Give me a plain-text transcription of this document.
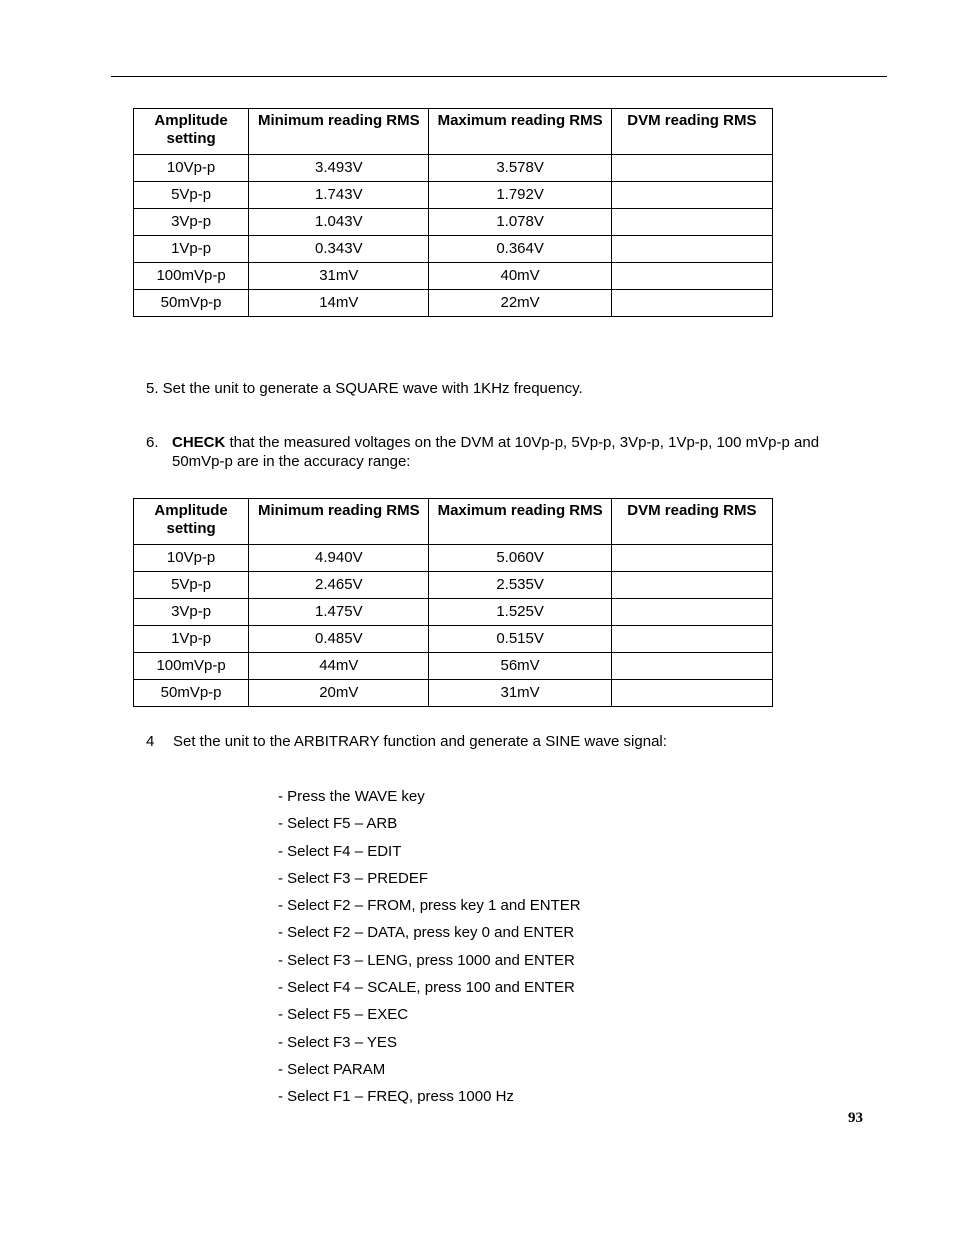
Amplitude setting	Minimum reading RMS	Maximum reading RMS	DVM reading RMS
10Vp-p	3.493V	3.578V	
5Vp-p	1.743V	1.792V	
3Vp-p	1.043V	1.078V	
1Vp-p	0.343V	0.364V	
100mVp-p	31mV	40mV	
50mVp-p	14mV	22mV	
5. Set the unit to generate a SQUARE wave with 1KHz frequency.
6. CHECK that the measured voltages on the DVM at 10Vp-p, 5Vp-p, 3Vp-p, 1Vp-p, 100 mVp-p and 50mVp-p are in the accuracy range:
Amplitude setting	Minimum reading RMS	Maximum reading RMS	DVM reading RMS
10Vp-p	4.940V	5.060V	
5Vp-p	2.465V	2.535V	
3Vp-p	1.475V	1.525V	
1Vp-p	0.485V	0.515V	
100mVp-p	44mV	56mV	
50mVp-p	20mV	31mV	
4 Set the unit to the ARBITRARY function and generate a SINE wave signal:
- Press the WAVE key
- Select F5 – ARB
- Select F4 – EDIT
- Select F3 – PREDEF
- Select F2 – FROM, press key 1 and ENTER
- Select F2 – DATA, press key 0 and ENTER
- Select F3 – LENG, press 1000 and ENTER
- Select F4 – SCALE, press 100 and ENTER
- Select F5 – EXEC
- Select F3 – YES
- Select PARAM
- Select F1 – FREQ, press 1000 Hz
93
